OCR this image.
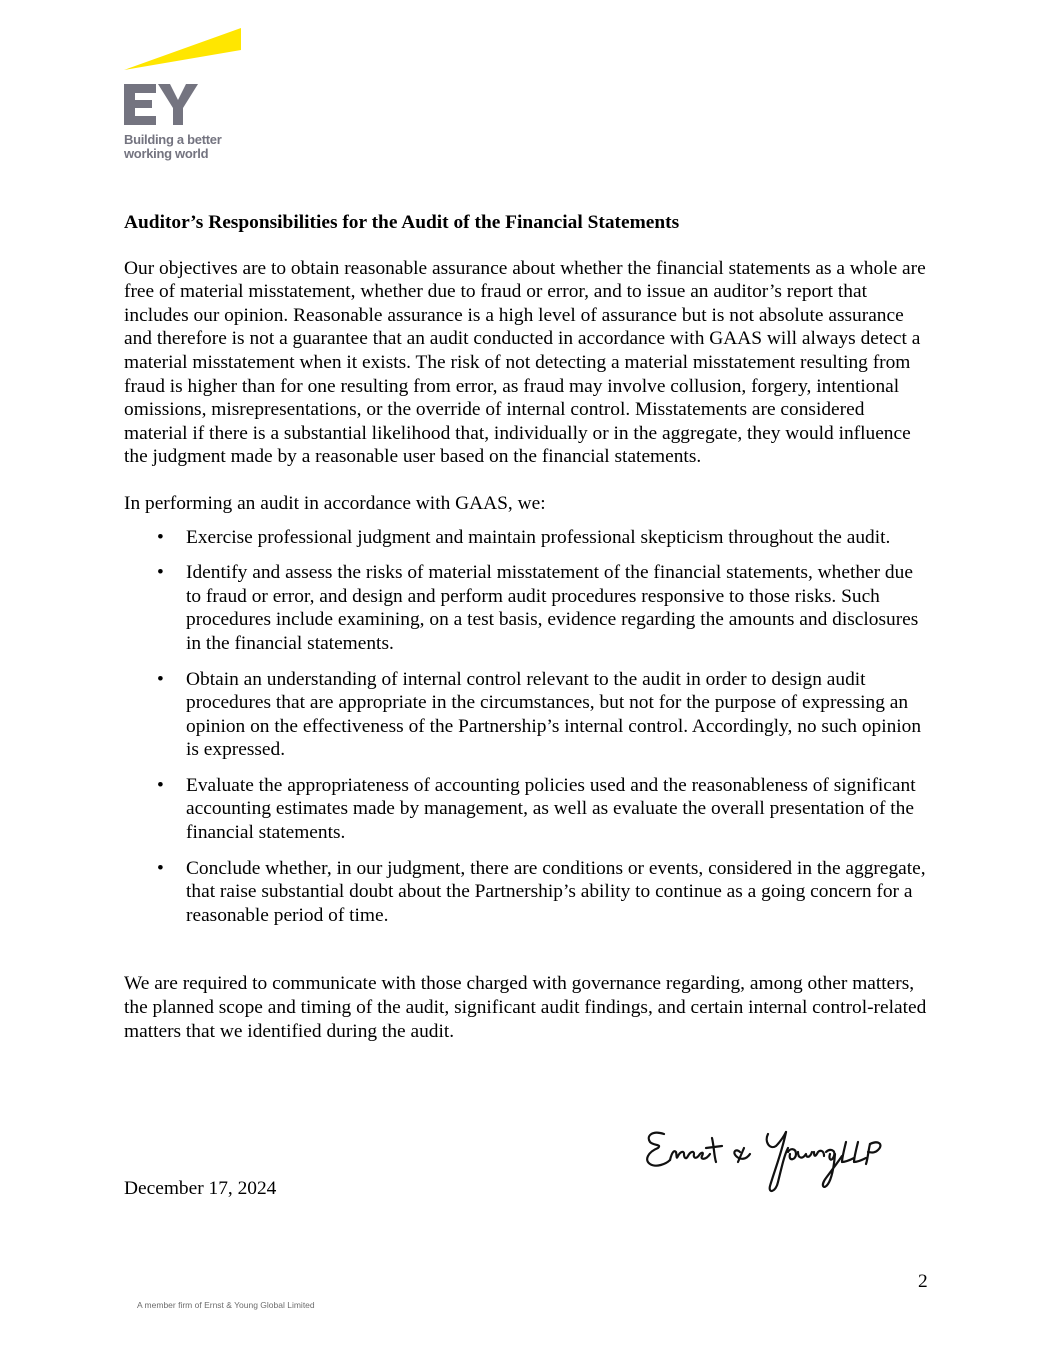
Building a better
working world
Auditor’s Responsibilities for the Audit of the Financial Statements
Our objectives are to obtain reasonable assurance about whether the financial statements as a whole are free of material misstatement, whether due to fraud or error, and to issue an auditor’s report that includes our opinion. Reasonable assurance is a high level of assurance but is not absolute assurance and therefore is not a guarantee that an audit conducted in accordance with GAAS will always detect a material misstatement when it exists. The risk of not detecting a material misstatement resulting from fraud is higher than for one resulting from error, as fraud may involve collusion, forgery, intentional omissions, misrepresentations, or the override of internal control. Misstatements are considered material if there is a substantial likelihood that, individually or in the aggregate, they would influence the judgment made by a reasonable user based on the financial statements.
In performing an audit in accordance with GAAS, we:
• Exercise professional judgment and maintain professional skepticism throughout the audit.
• Identify and assess the risks of material misstatement of the financial statements, whether due to fraud or error, and design and perform audit procedures responsive to those risks. Such procedures include examining, on a test basis, evidence regarding the amounts and disclosures in the financial statements.
• Obtain an understanding of internal control relevant to the audit in order to design audit procedures that are appropriate in the circumstances, but not for the purpose of expressing an opinion on the effectiveness of the Partnership’s internal control. Accordingly, no such opinion is expressed.
• Evaluate the appropriateness of accounting policies used and the reasonableness of significant accounting estimates made by management, as well as evaluate the overall presentation of the financial statements.
• Conclude whether, in our judgment, there are conditions or events, considered in the aggregate, that raise substantial doubt about the Partnership’s ability to continue as a going concern for a reasonable period of time.
We are required to communicate with those charged with governance regarding, among other matters, the planned scope and timing of the audit, significant audit findings, and certain internal control-related matters that we identified during the audit.
December 17, 2024
2
A member firm of Ernst & Young Global Limited
